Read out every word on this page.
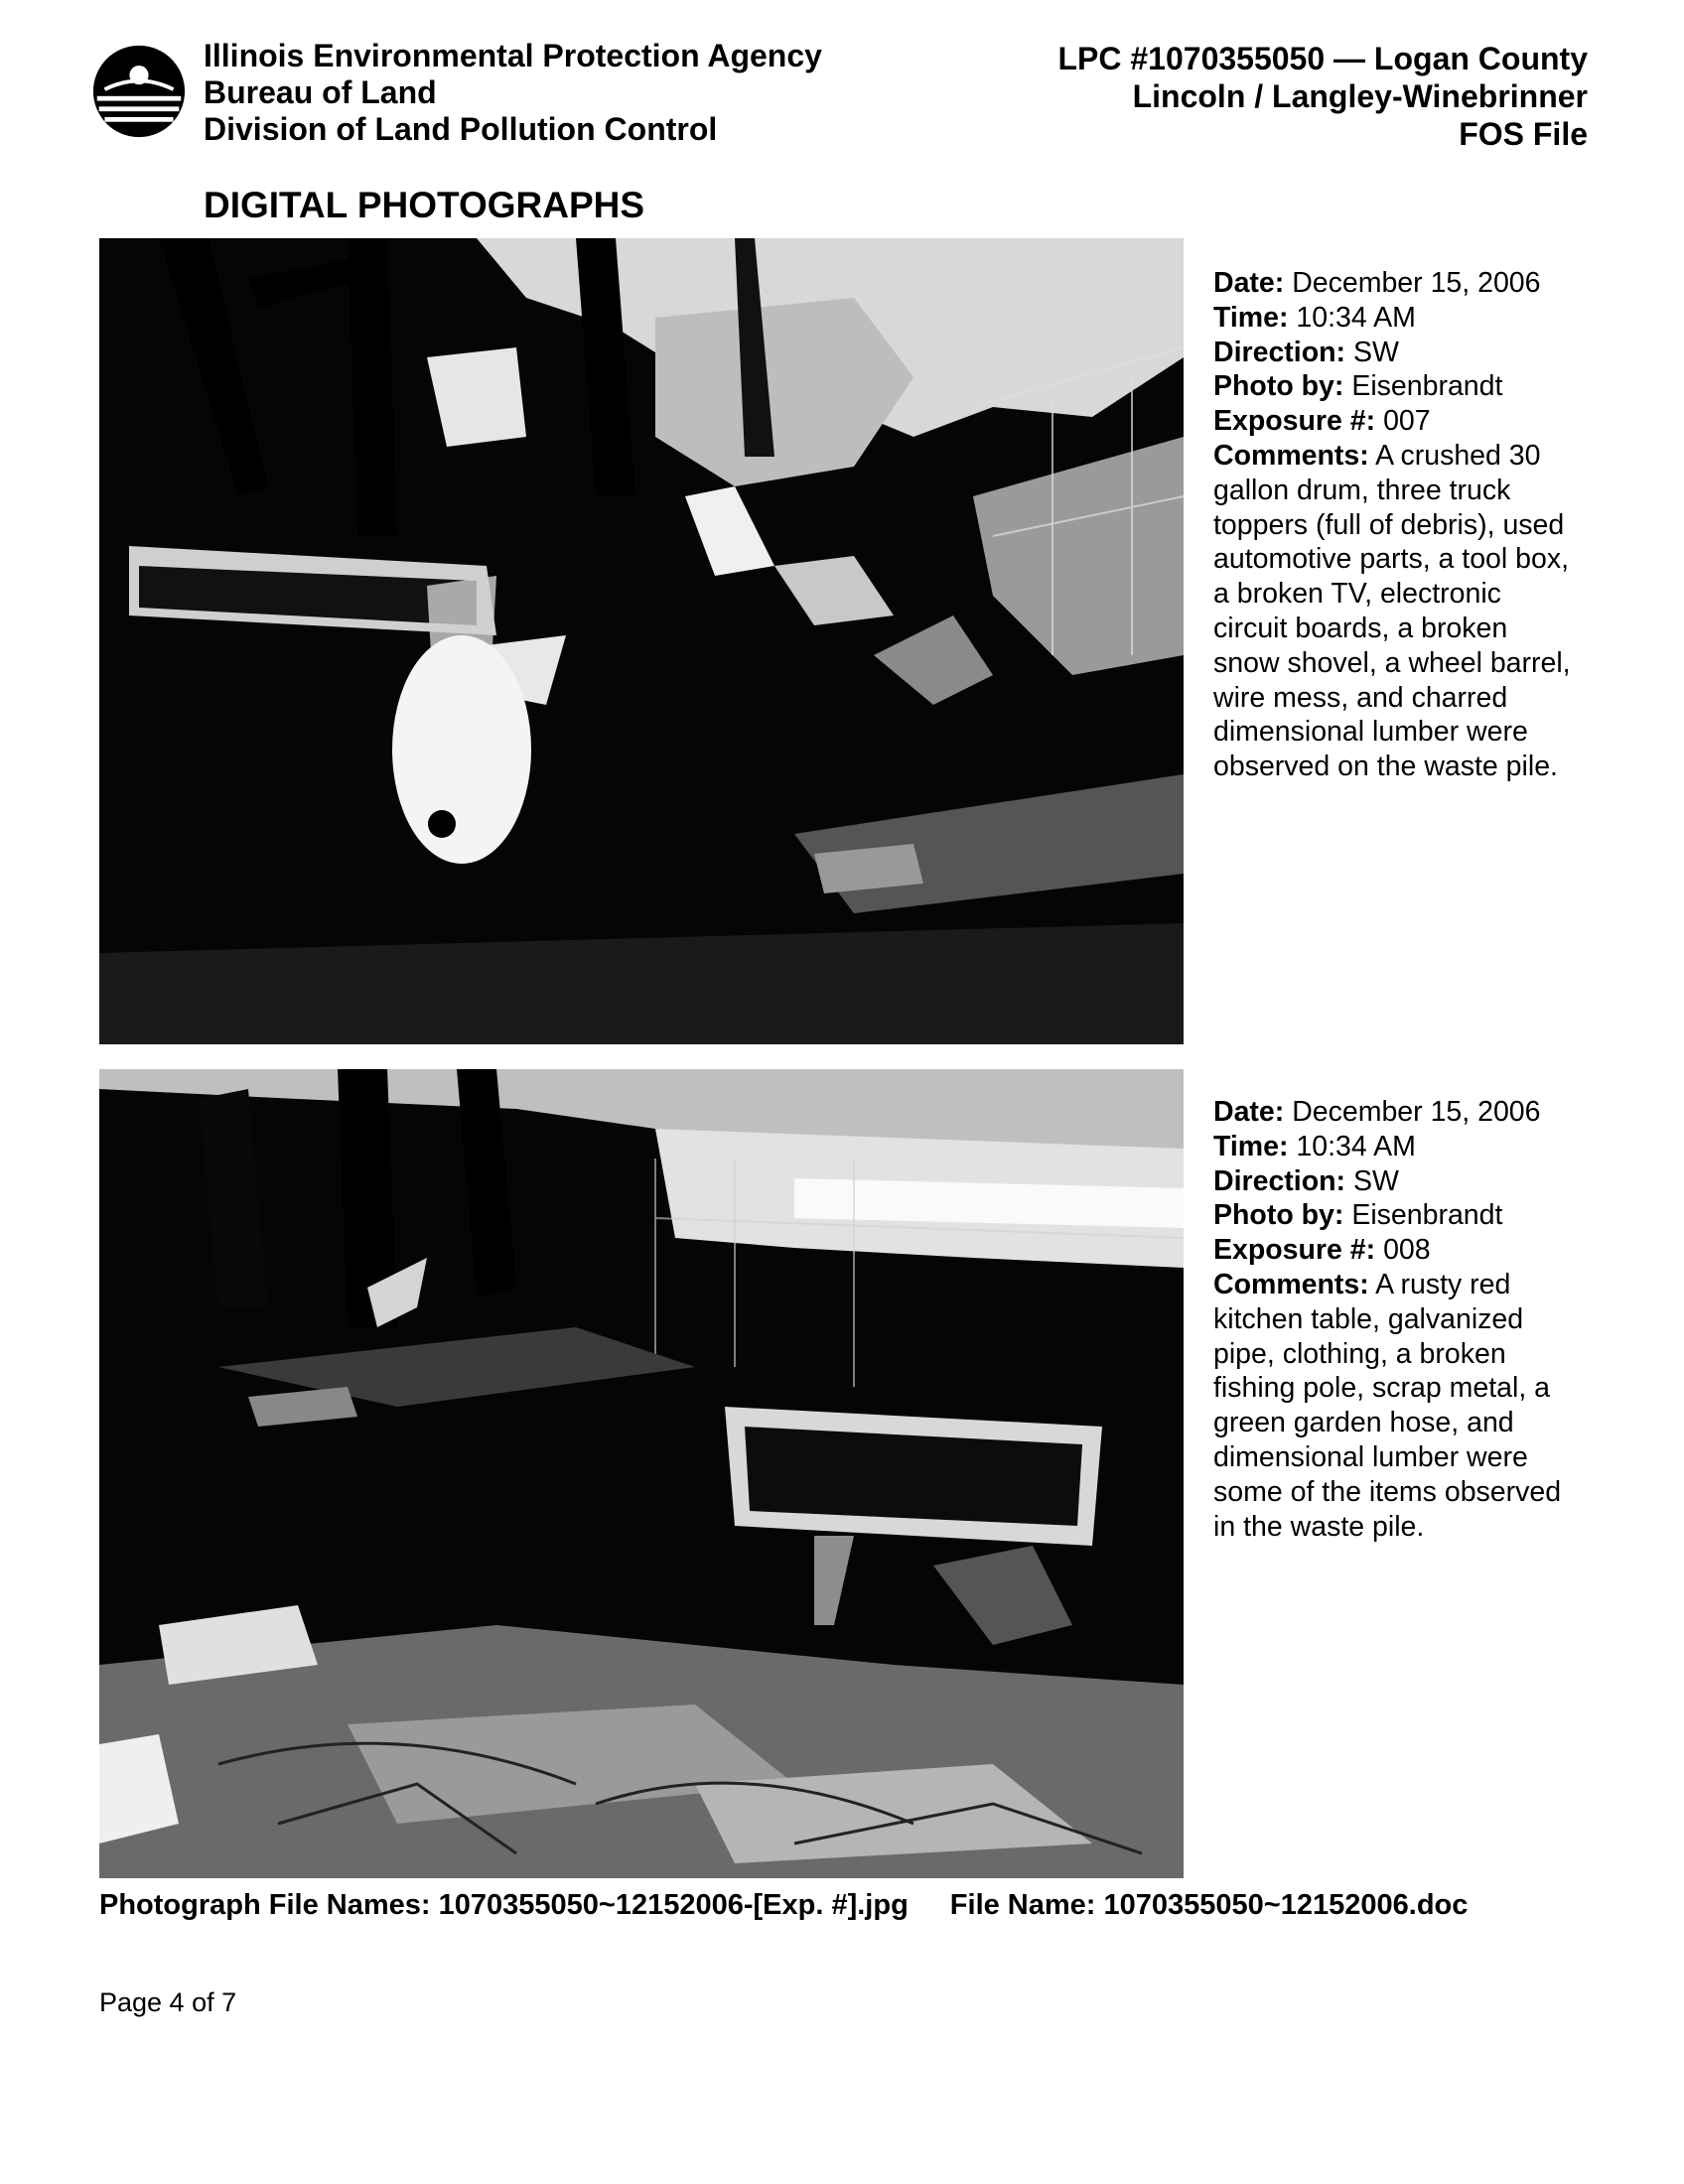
Illinois Environmental Protection Agency
Bureau of Land
Division of Land Pollution Control
LPC #1070355050 — Logan County
Lincoln / Langley-Winebrinner
FOS File
DIGITAL PHOTOGRAPHS
Date: December 15, 2006
Time: 10:34 AM
Direction: SW
Photo by: Eisenbrandt
Exposure #: 007
Comments: A crushed 30 gallon drum, three truck toppers (full of debris), used automotive parts, a tool box, a broken TV, electronic circuit boards, a broken snow shovel, a wheel barrel, wire mess, and charred dimensional lumber were observed on the waste pile.
Date: December 15, 2006
Time: 10:34 AM
Direction: SW
Photo by: Eisenbrandt
Exposure #: 008
Comments: A rusty red kitchen table, galvanized pipe, clothing, a broken fishing pole, scrap metal, a green garden hose, and dimensional lumber were some of the items observed in the waste pile.
Photograph File Names: 1070355050~12152006-[Exp. #].jpg File Name: 1070355050~12152006.doc
Page 4 of 7
